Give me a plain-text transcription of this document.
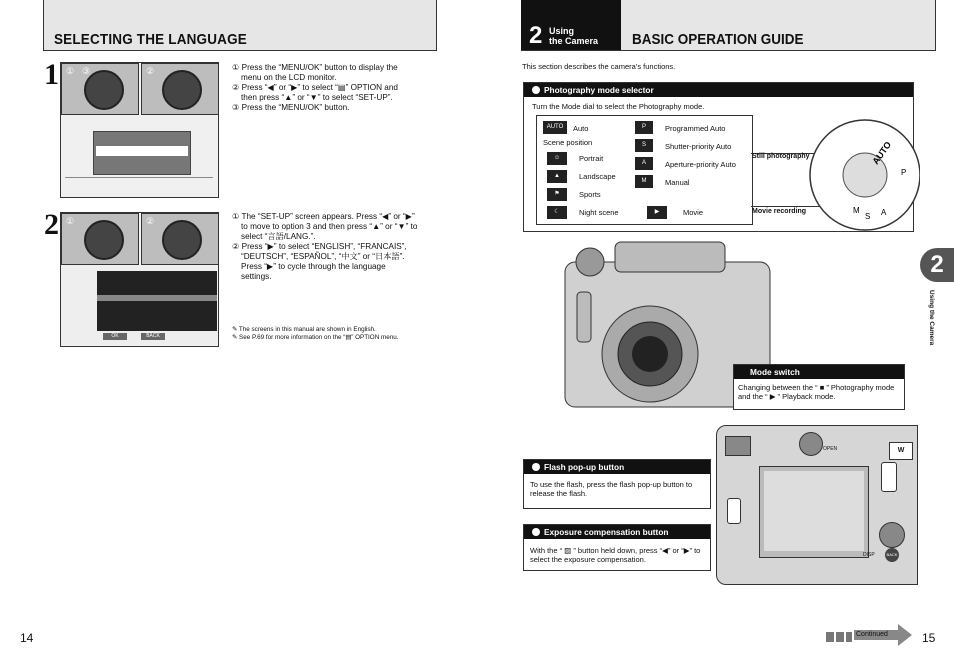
SELECTING THE LANGUAGE
1 ① ③	②	① Press the “MENU/OK” button to display the
menu on the LCD monitor.
② Press “◀” or “▶” to select “▤” OPTION and
then press “▲” or “▼” to select “SET-UP”.
③ Press the “MENU/OK” button.
2 ①	②
OK	BACK
① The “SET-UP” screen appears. Press “◀” or “▶”
to move to option 3 and then press “▲” or “▼” to
select “言語/LANG.”.
② Press “▶” to select “ENGLISH”, “FRANCAIS”,
“DEUTSCH”, “ESPAÑOL”, “中文” or “日本語”.
Press “▶” to cycle through the language
settings.
✎ The screens in this manual are shown in English.
✎ See P.69 for more information on the “▤” OPTION menu.
14
BASIC OPERATION GUIDE
2 Using
the Camera
This section describes the camera’s functions.
Photography mode selector
Turn the Mode dial to select the Photography mode.
AUTO	Auto
Scene position
☺	Portrait
▲	Landscape
⚑	Sports
☾	Night scene
P	Programmed Auto
S	Shutter-priority Auto
A	Aperture-priority Auto
M	Manual
▶	Movie
Still photography
Movie recording
AUTO
P
S A
M
OPEN	W
DISP	BACK
Mode switch
Changing between the “ ■ ” Photography mode and the “ ▶ ” Playback mode.
Flash pop-up button
To use the flash, press the flash pop-up button to release the flash.
Exposure compensation button
With the “ ▨ ” button held down, press “◀” or “▶” to select the exposure compensation.
2
Using the Camera
Continued	15
